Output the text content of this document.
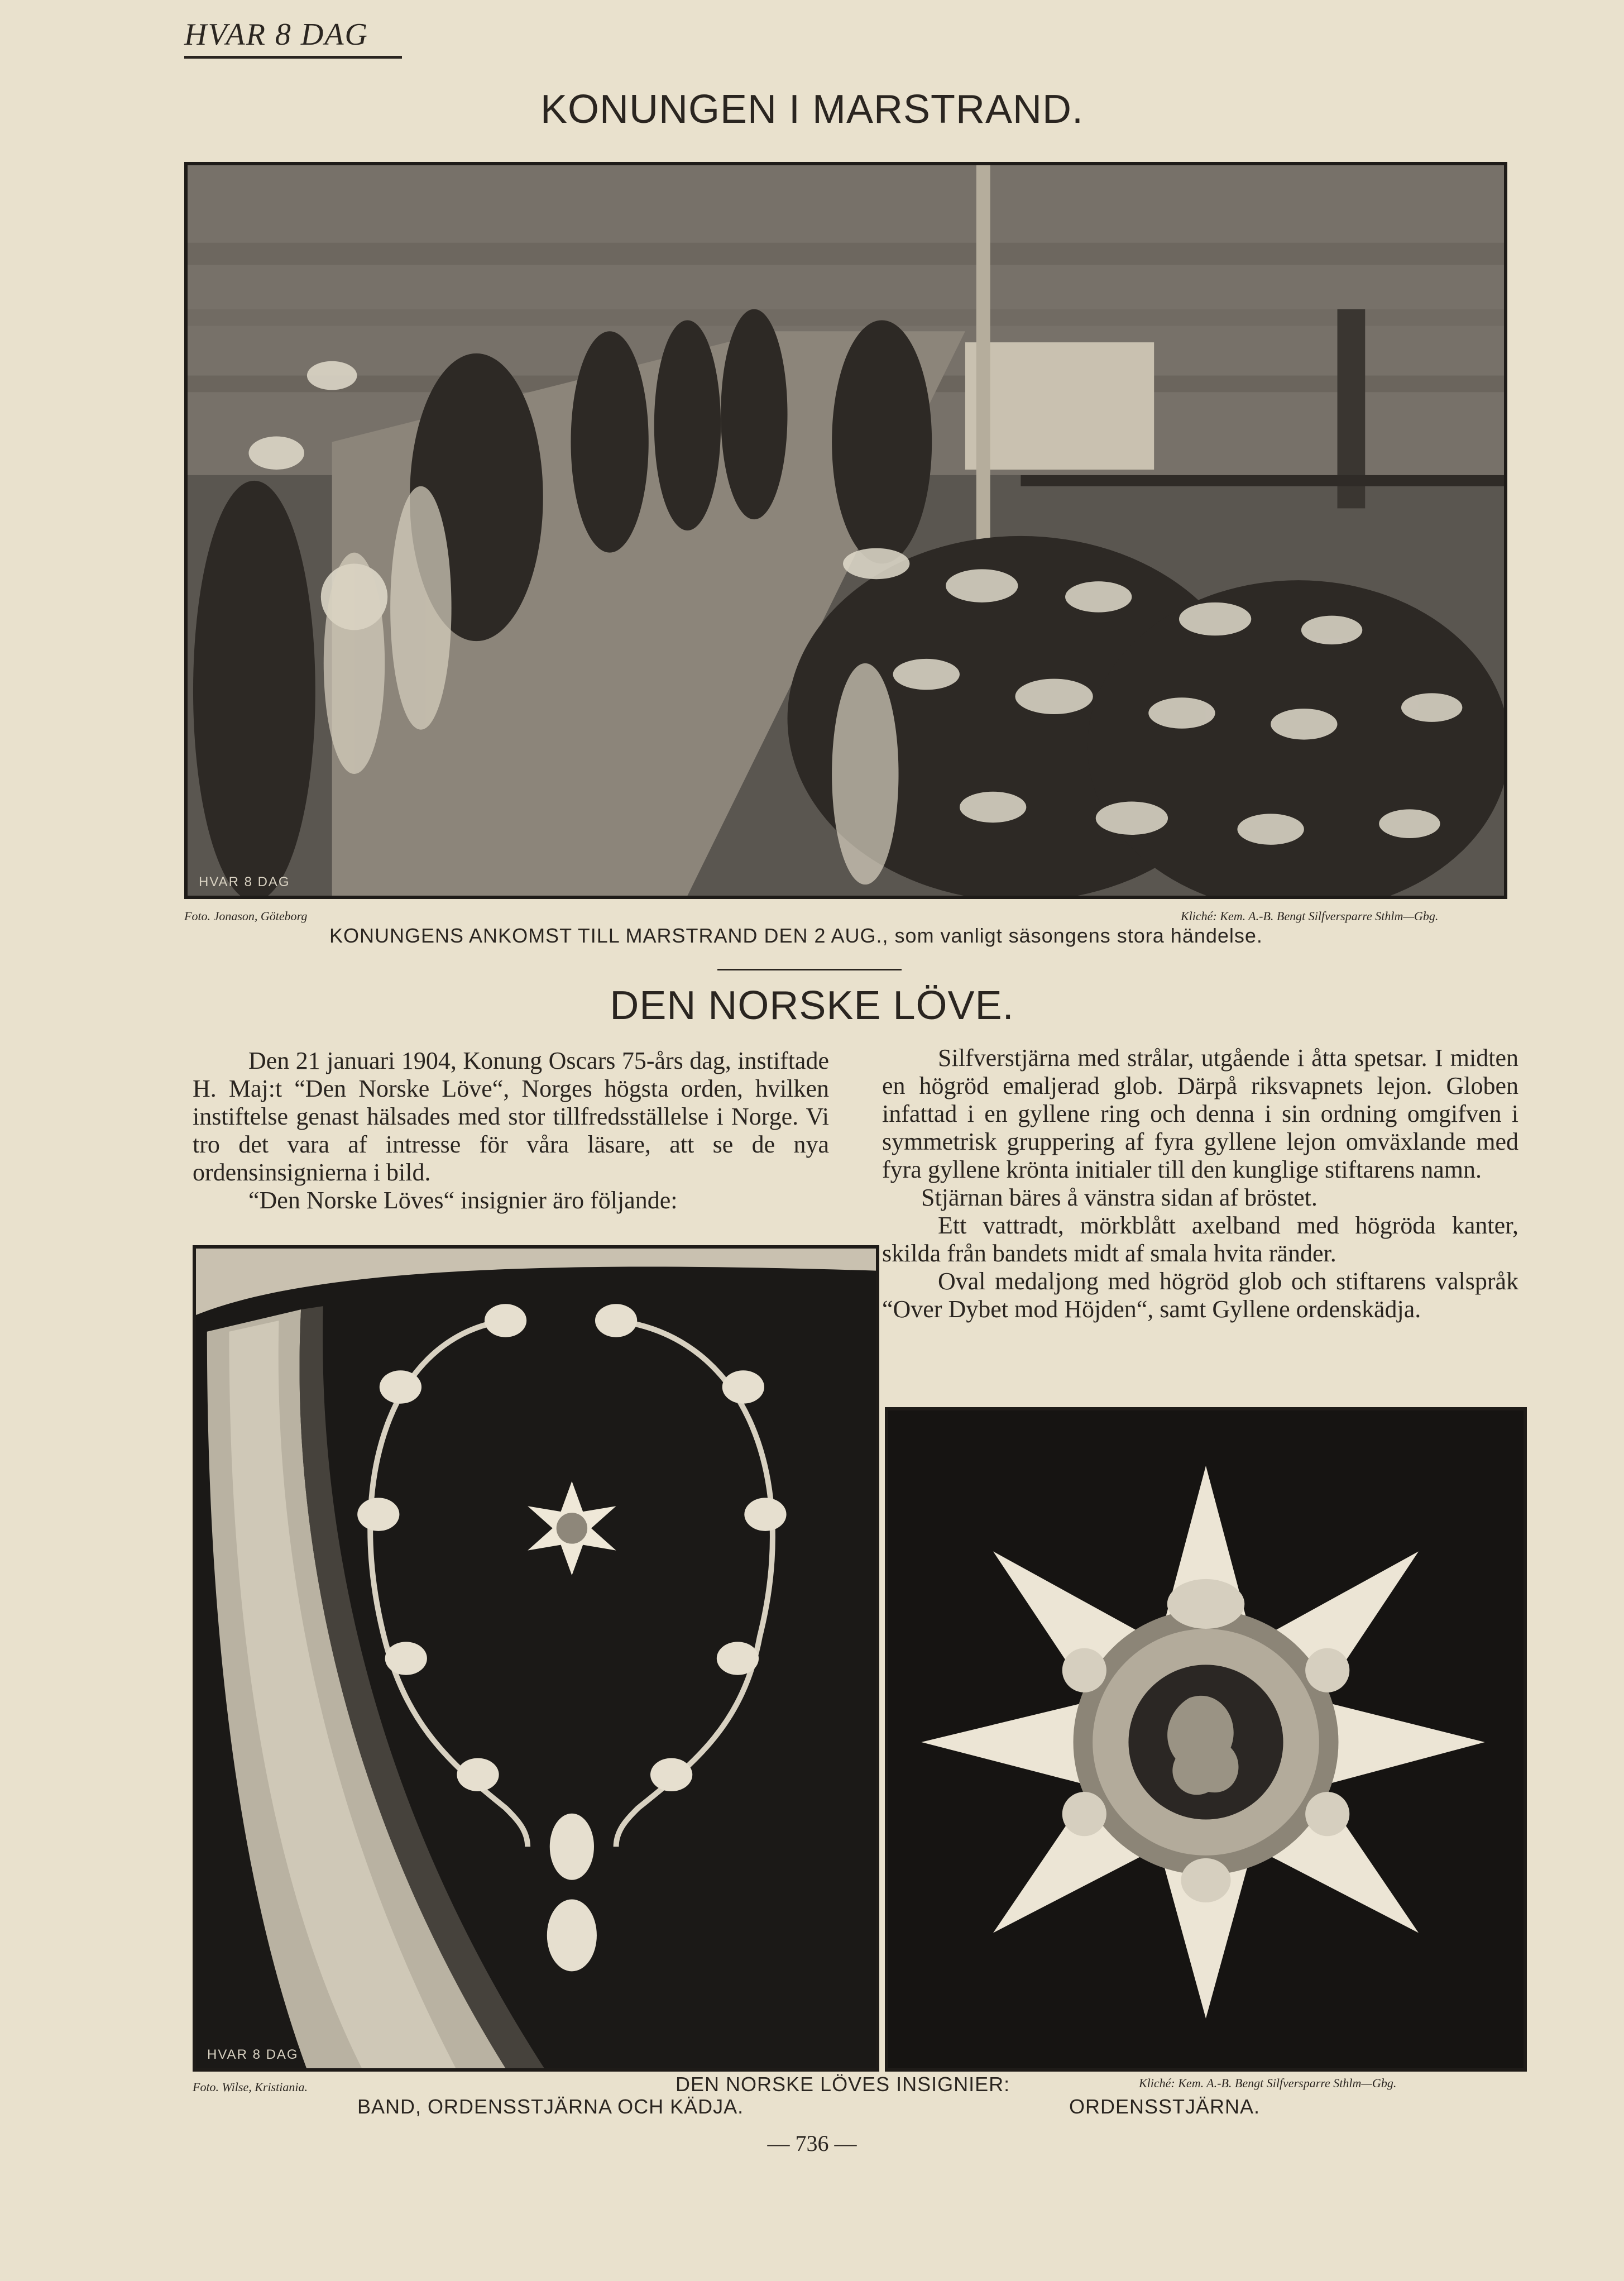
HVAR 8 DAG
KONUNGEN I MARSTRAND.
HVAR 8 DAG
Foto. Jonason, Göteborg	Kliché: Kem. A.-B. Bengt Silfversparre Sthlm—Gbg.
KONUNGENS ANKOMST TILL MARSTRAND DEN 2 AUG., som vanligt säsongens stora händelse.
DEN NORSKE LÖVE.

Den 21 januari 1904, Konung Oscars 75-års dag, instiftade H. Maj:t “Den Norske Löve“, Norges högsta orden, hvilken instiftelse genast hälsades med stor tillfredsställelse i Norge. Vi tro det vara af intresse för våra läsare, att se de nya ordensinsignierna i bild.

“Den Norske Löves“ insignier äro följande:

Silfverstjärna med strålar, utgående i åtta spetsar. I midten en högröd emaljerad glob. Därpå riksvapnets lejon. Globen infattad i en gyllene ring och denna i sin ordning omgifven i symmetrisk gruppering af fyra gyllene lejon omväxlande med fyra gyllene krönta initialer till den kunglige stiftarens namn.

Stjärnan bäres å vänstra sidan af bröstet.

Ett vattradt, mörkblått axelband med högröda kanter, skilda från bandets midt af smala hvita ränder.

Oval medaljong med högröd glob och stiftarens valspråk “Over Dybet mod Höjden“, samt Gyllene ordenskädja.

HVAR 8 DAG
Foto. Wilse, Kristiania.	Kliché: Kem. A.-B. Bengt Silfversparre Sthlm—Gbg.
DEN NORSKE LÖVES INSIGNIER:
BAND, ORDENSSTJÄRNA OCH KÄDJA.	ORDENSSTJÄRNA.
— 736 —
